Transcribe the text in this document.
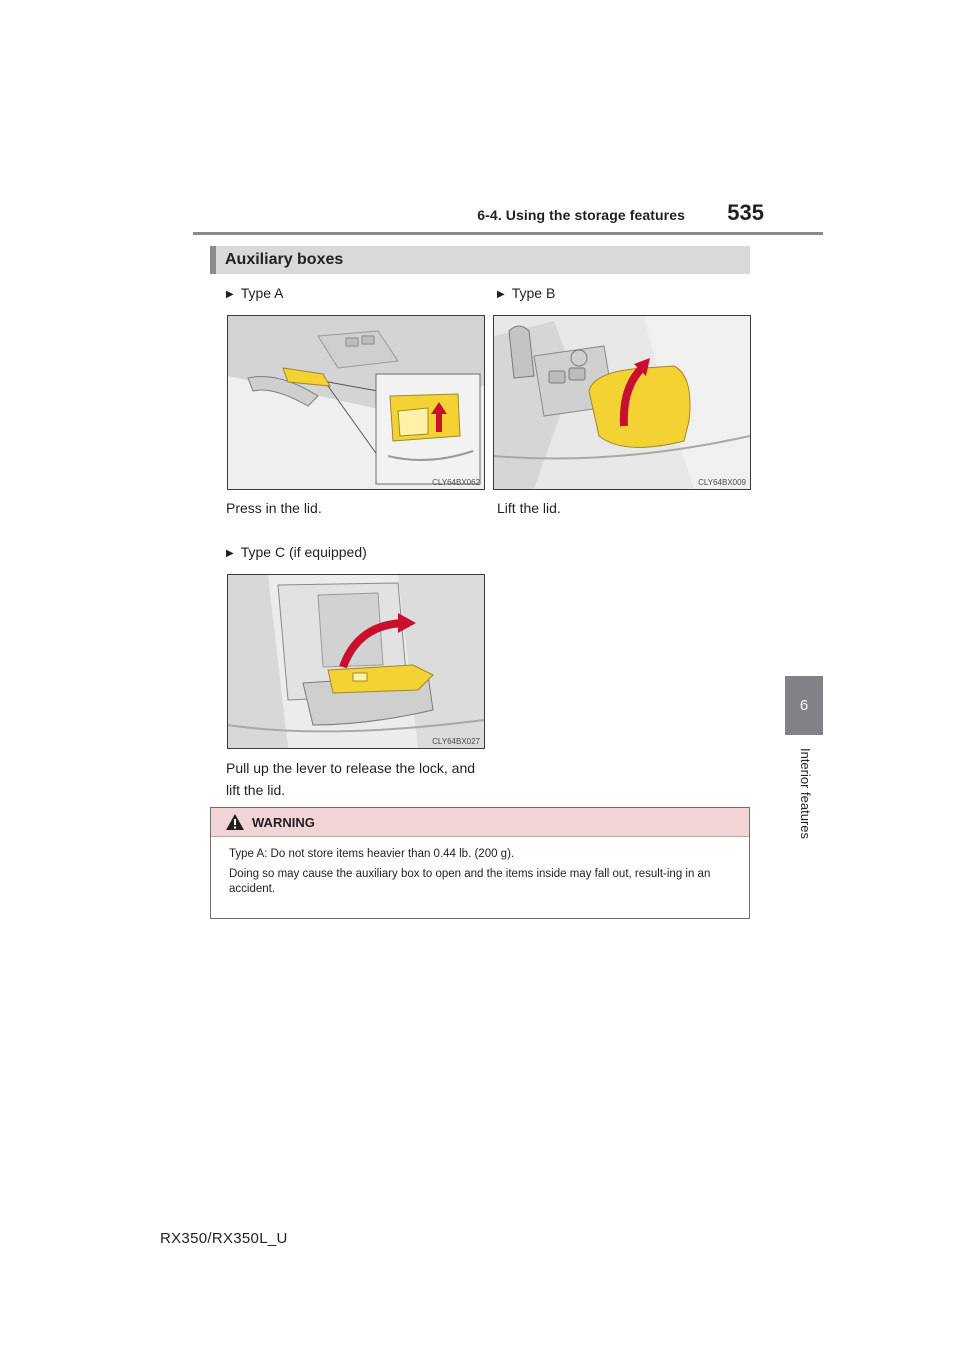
6-4. Using the storage features	535
6
Interior features
Auxiliary boxes
▶ Type A
CLY64BX062
Press in the lid.
▶ Type B
CLY64BX009
Lift the lid.
▶ Type C (if equipped)
CLY64BX027
Pull up the lever to release the lock, and lift the lid.
WARNING

Type A: Do not store items heavier than 0.44 lb. (200 g).

Doing so may cause the auxiliary box to open and the items inside may fall out, result-ing in an accident.

RX350/RX350L_U
